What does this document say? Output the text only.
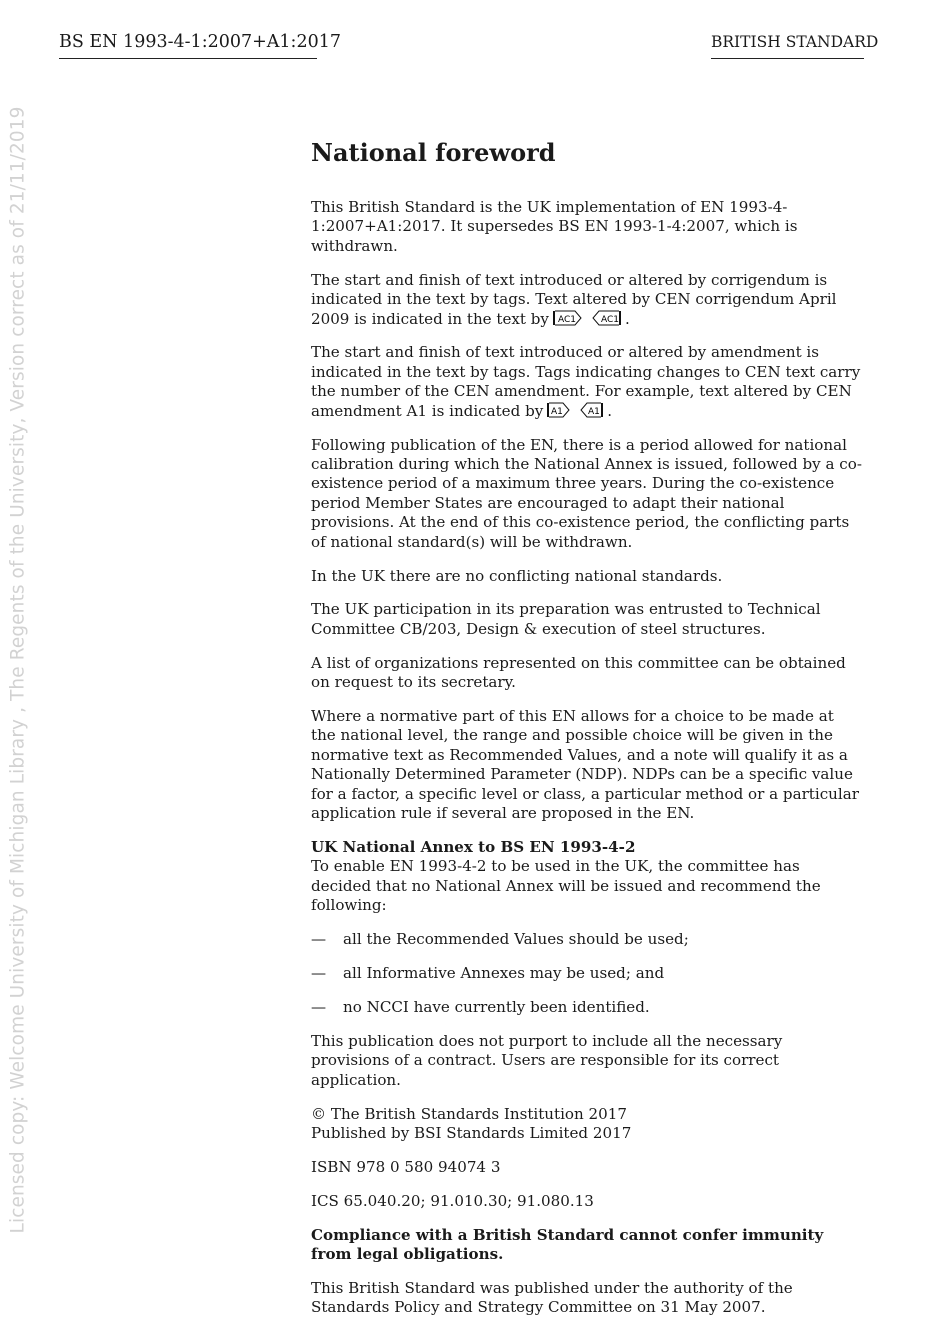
BS EN 1993-4-1:2007+A1:2017	BRITISH STANDARD
Licensed copy: Welcome University of Michigan Library , The Regents of the University, Version correct as of 21/11/2019	National foreword

This British Standard is the UK implementation of EN 1993-4-1:2007+A1:2017. It supersedes BS EN 1993-1-4:2007, which is withdrawn.

The start and finish of text introduced or altered by corrigendum is indicated in the text by tags. Text altered by CEN corrigendum April 2009 is indicated in the text by AC1	AC1 .

The start and finish of text introduced or altered by amendment is indicated in the text by tags. Tags indicating changes to CEN text carry the number of the CEN amendment. For example, text altered by CEN amendment A1 is indicated by A1	A1 .

Following publication of the EN, there is a period allowed for national calibration during which the National Annex is issued, followed by a co-existence period of a maximum three years. During the co-existence period Member States are encouraged to adapt their national provisions. At the end of this co-existence period, the conflicting parts of national standard(s) will be withdrawn.

In the UK there are no conflicting national standards.

The UK participation in its preparation was entrusted to Technical Committee CB/203, Design & execution of steel structures.

A list of organizations represented on this committee can be obtained on request to its secretary.

Where a normative part of this EN allows for a choice to be made at the national level, the range and possible choice will be given in the normative text as Recommended Values, and a note will qualify it as a Nationally Determined Parameter (NDP). NDPs can be a specific value for a factor, a specific level or class, a particular method or a particular application rule if several are proposed in the EN.

UK National Annex to BS EN 1993-4-2
To enable EN 1993-4-2 to be used in the UK, the committee has decided that no National Annex will be issued and recommend the following:

—	all the Recommended Values should be used;
—	all Informative Annexes may be used; and
—	no NCCI have currently been identified.

This publication does not purport to include all the necessary provisions of a contract. Users are responsible for its correct application.

© The British Standards Institution 2017
Published by BSI Standards Limited 2017

ISBN 978 0 580 94074 3

ICS 65.040.20; 91.010.30; 91.080.13

Compliance with a British Standard cannot confer immunity from legal obligations.

This British Standard was published under the authority of the Standards Policy and Strategy Committee on 31 May 2007.
